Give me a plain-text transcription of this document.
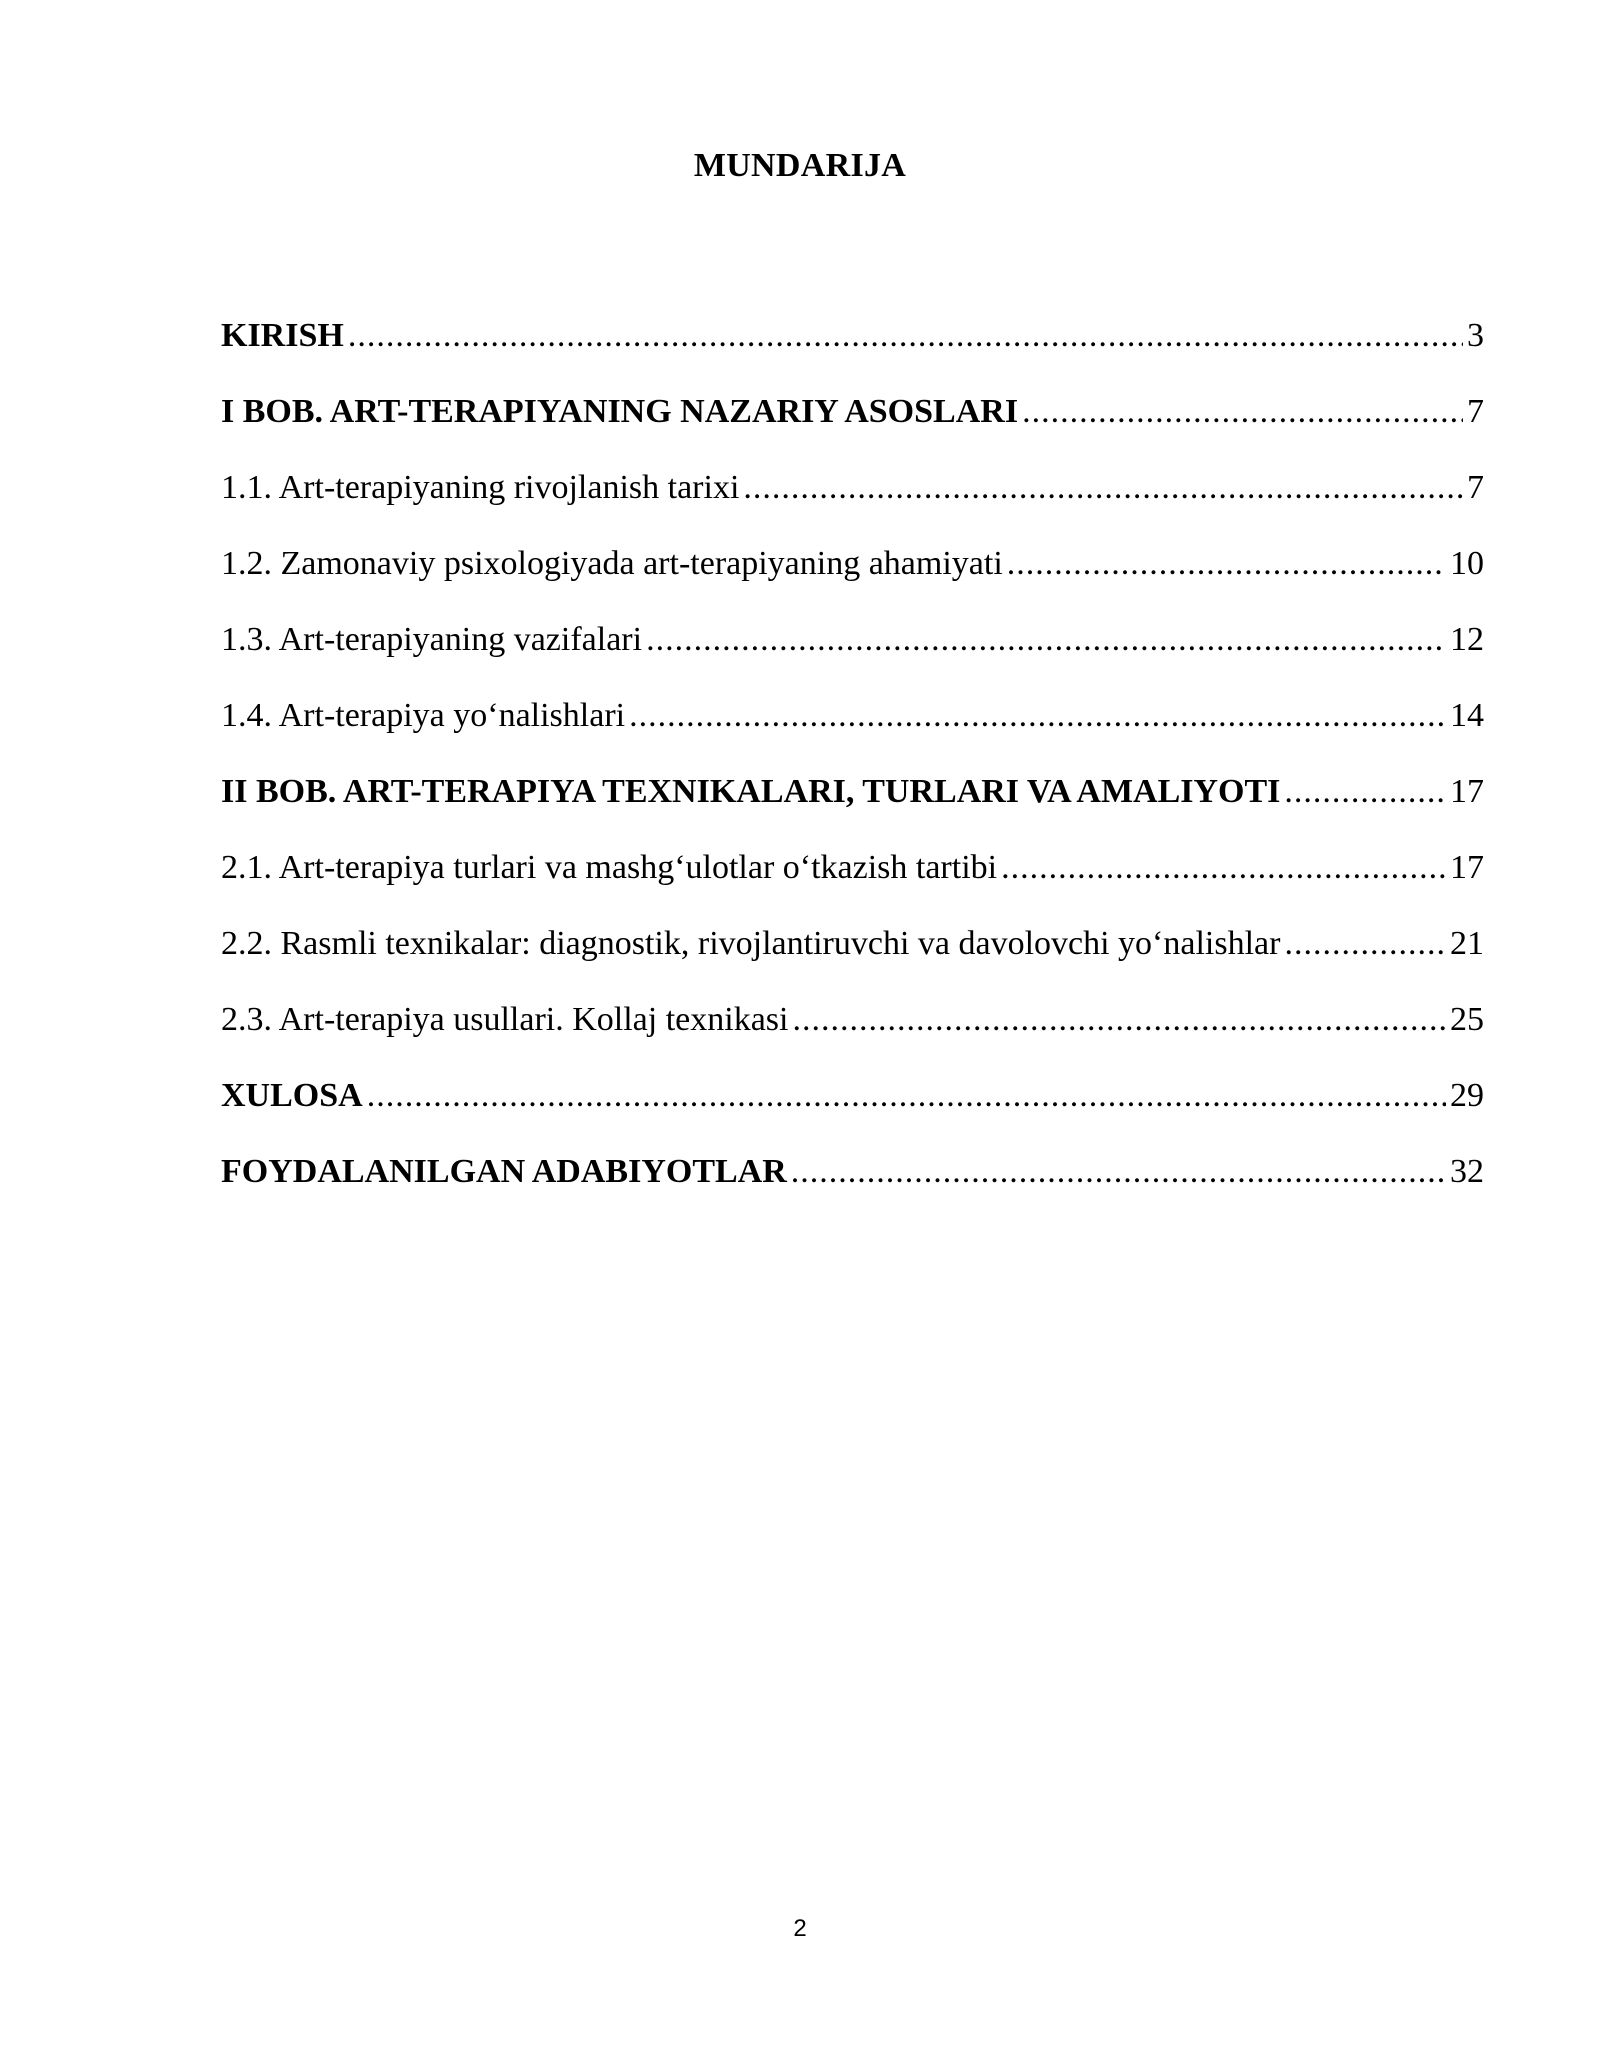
MUNDARIJA
KIRISH .....	3
I BOB. ART-TERAPIYANING NAZARIY ASOSLARI .....	7
1.1. Art-terapiyaning rivojlanish tarixi .....	7
1.2. Zamonaviy psixologiyada art-terapiyaning ahamiyati .....	10
1.3. Art-terapiyaning vazifalari .....	12
1.4. Art-terapiya yo‘nalishlari .....	14
II BOB. ART-TERAPIYA TEXNIKALARI, TURLARI VA AMALIYOTI .....	17
2.1. Art-terapiya turlari va mashg‘ulotlar o‘tkazish tartibi .....	17
2.2. Rasmli texnikalar: diagnostik, rivojlantiruvchi va davolovchi yo‘nalishlar .....	21
2.3. Art-terapiya usullari. Kollaj texnikasi .....	25
XULOSA .....	29
FOYDALANILGAN ADABIYOTLAR .....	32
2
